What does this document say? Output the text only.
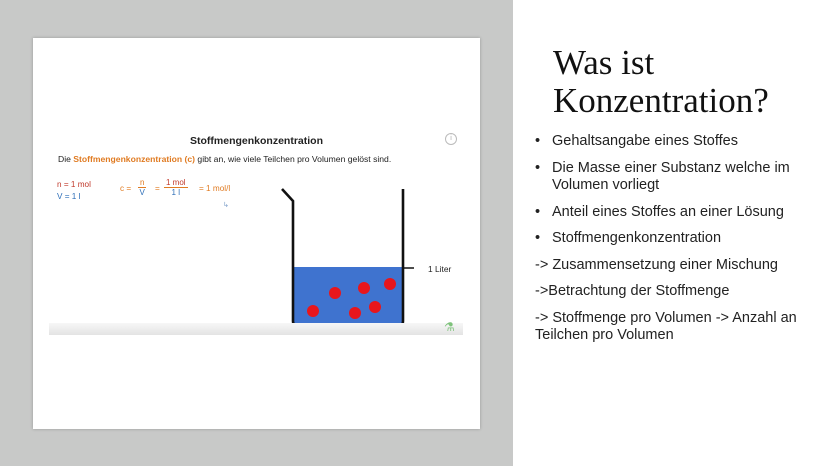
Stoffmengenkonzentration	i
Die Stoffmengenkonzentration (c) gibt an, wie viele Teilchen pro Volumen gelöst sind.
n = 1 mol
V = 1 l
$c = \frac{n}{V}$ =
1 mol
1 l	= 1 mol/l
↳
1 Liter
⚗
Was ist Konzentration?
• Gehaltsangabe eines Stoffes
• Die Masse einer Substanz welche im Volumen vorliegt
• Anteil eines Stoffes an einer Lösung
• Stoffmengenkonzentration
-> Zusammensetzung einer Mischung
->Betrachtung der Stoffmenge
-> Stoffmenge pro Volumen -> Anzahl an Teilchen pro Volumen
